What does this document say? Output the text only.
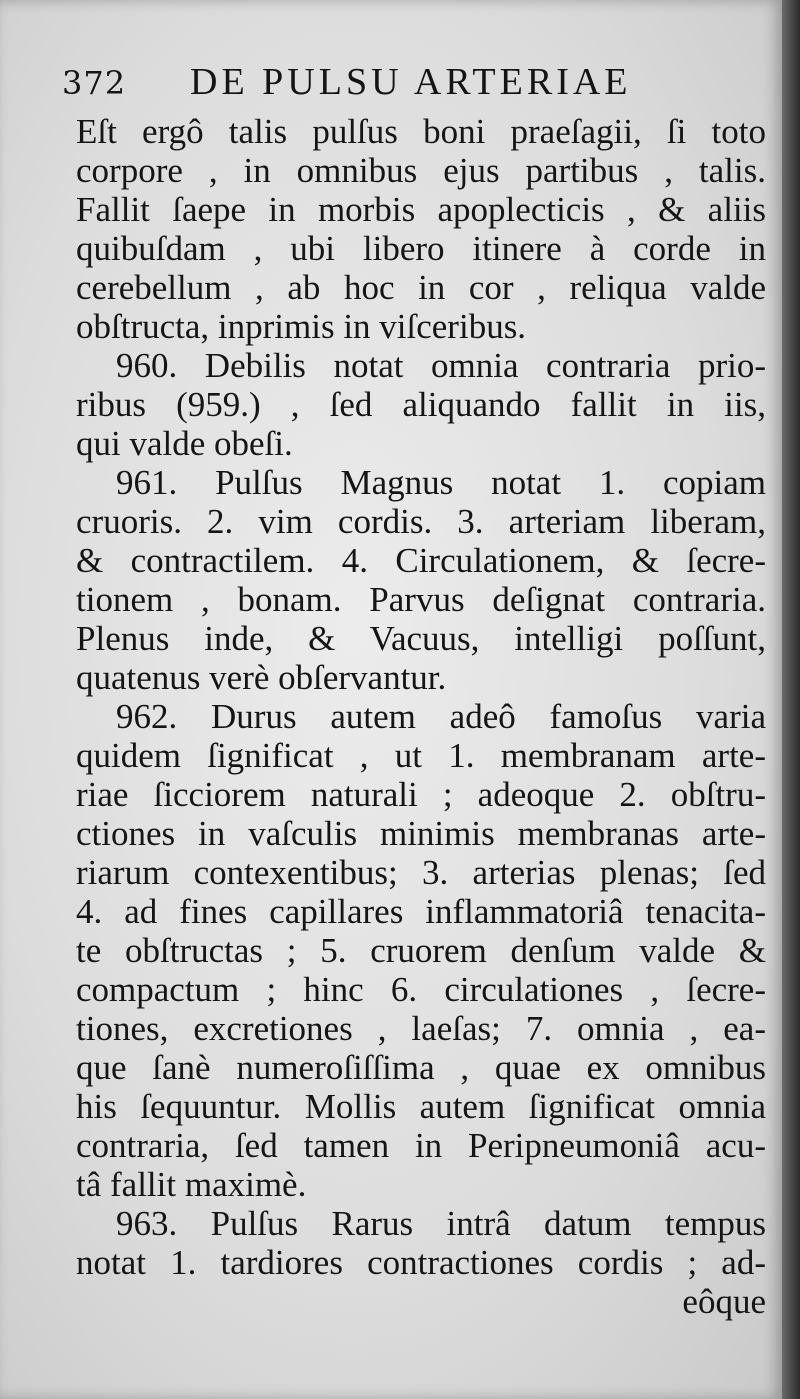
372 DE PULSU ARTERIAE
Eſt ergô talis pulſus boni praeſagii, ſi toto
corpore , in omnibus ejus partibus , talis.
Fallit ſaepe in morbis apoplecticis , & aliis
quibuſdam , ubi libero itinere à corde in
cerebellum , ab hoc in cor , reliqua valde
obſtructa, inprimis in viſceribus.
960. Debilis notat omnia contraria prio-
ribus (959.) , ſed aliquando fallit in iis,
qui valde obeſi.
961. Pulſus Magnus notat 1. copiam
cruoris. 2. vim cordis. 3. arteriam liberam,
& contractilem. 4. Circulationem, & ſecre-
tionem , bonam. Parvus deſignat contraria.
Plenus inde, & Vacuus, intelligi poſſunt,
quatenus verè obſervantur.
962. Durus autem adeô famoſus varia
quidem ſignificat , ut 1. membranam arte-
riae ſicciorem naturali ; adeoque 2. obſtru-
ctiones in vaſculis minimis membranas arte-
riarum contexentibus; 3. arterias plenas; ſed
4. ad fines capillares inflammatoriâ tenacita-
te obſtructas ; 5. cruorem denſum valde &
compactum ; hinc 6. circulationes , ſecre-
tiones, excretiones , laeſas; 7. omnia , ea-
que ſanè numeroſiſſima , quae ex omnibus
his ſequuntur. Mollis autem ſignificat omnia
contraria, ſed tamen in Peripneumoniâ acu-
tâ fallit maximè.
963. Pulſus Rarus intrâ datum tempus
notat 1. tardiores contractiones cordis ; ad-
eôque
